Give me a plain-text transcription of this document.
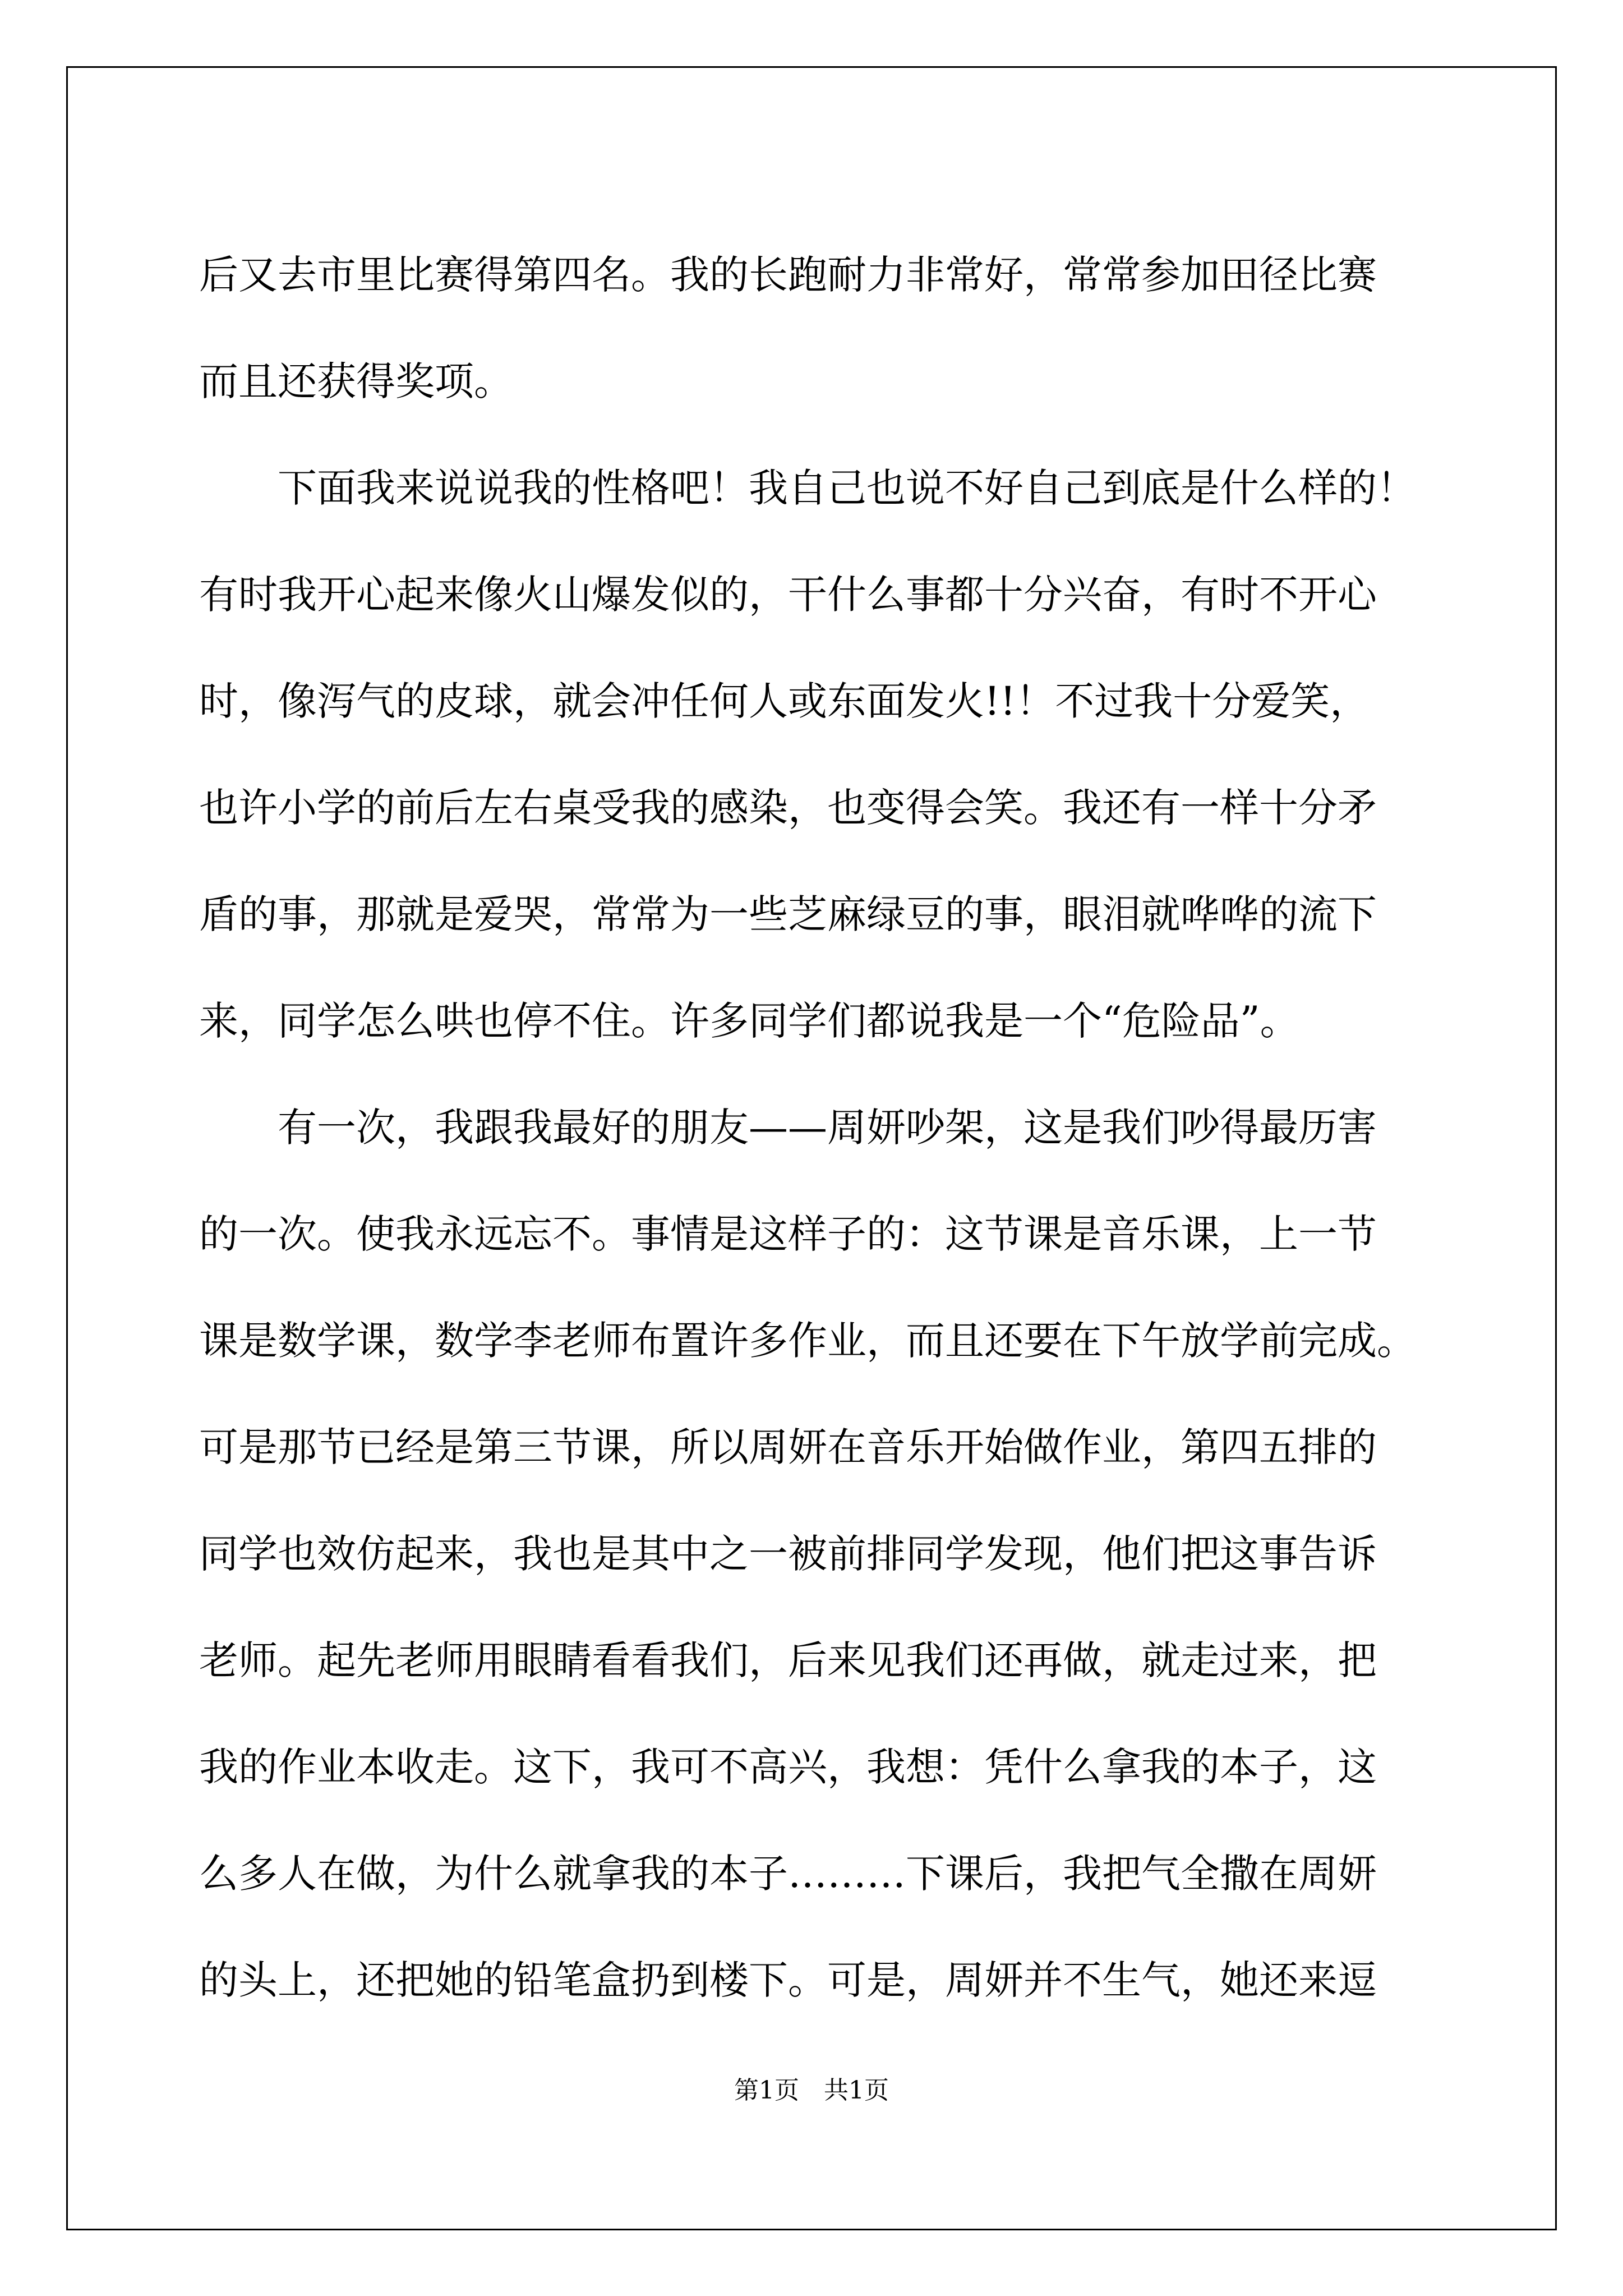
后又去市里比赛得第四名。我的长跑耐力非常好，常常参加田径比赛
而且还获得奖项。
　　下面我来说说我的性格吧！我自己也说不好自己到底是什么样的！
有时我开心起来像火山爆发似的，干什么事都十分兴奋，有时不开心
时，像泻气的皮球，就会冲任何人或东面发火!!！不过我十分爱笑，
也许小学的前后左右桌受我的感染，也变得会笑。我还有一样十分矛
盾的事，那就是爱哭，常常为一些芝麻绿豆的事，眼泪就哗哗的流下
来，同学怎么哄也停不住。许多同学们都说我是一个“危险品”。
　　有一次，我跟我最好的朋友——周妍吵架，这是我们吵得最历害
的一次。使我永远忘不。事情是这样子的：这节课是音乐课，上一节
课是数学课，数学李老师布置许多作业，而且还要在下午放学前完成。
可是那节已经是第三节课，所以周妍在音乐开始做作业，第四五排的
同学也效仿起来，我也是其中之一被前排同学发现，他们把这事告诉
老师。起先老师用眼睛看看我们，后来见我们还再做，就走过来，把
我的作业本收走。这下，我可不高兴，我想：凭什么拿我的本子，这
么多人在做，为什么就拿我的本子………下课后，我把气全撒在周妍
的头上，还把她的铅笔盒扔到楼下。可是，周妍并不生气，她还来逗
第1页　共1页
